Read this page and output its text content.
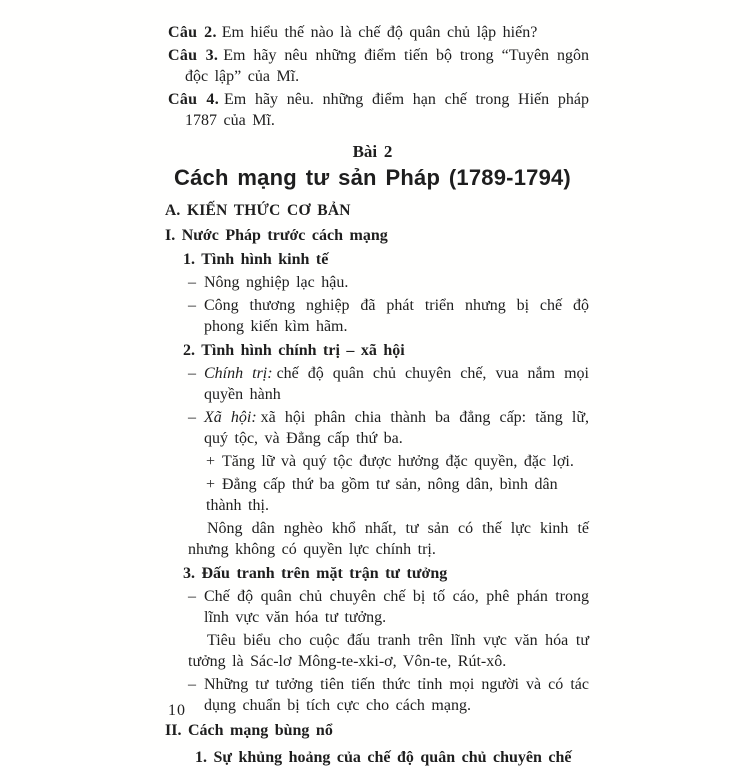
Câu 2. Em hiểu thế nào là chế độ quân chủ lập hiến?

Câu 3. Em hãy nêu những điểm tiến bộ trong “Tuyên ngôn độc lập” của Mĩ.

Câu 4. Em hãy nêu. những điểm hạn chế trong Hiến pháp 1787 của Mĩ.

Bài 2
Cách mạng tư sản Pháp (1789-1794)

A. KIẾN THỨC CƠ BẢN

I. Nước Pháp trước cách mạng

1. Tình hình kinh tế

– Nông nghiệp lạc hậu.

– Công thương nghiệp đã phát triển nhưng bị chế độ phong kiến kìm hãm.

2. Tình hình chính trị – xã hội

– Chính trị: chế độ quân chủ chuyên chế, vua nắm mọi quyền hành

– Xã hội: xã hội phân chia thành ba đẳng cấp: tăng lữ, quý tộc, và Đẳng cấp thứ ba.

+ Tăng lữ và quý tộc được hưởng đặc quyền, đặc lợi.

+ Đẳng cấp thứ ba gồm tư sản, nông dân, bình dân thành thị.

Nông dân nghèo khổ nhất, tư sản có thế lực kinh tế nhưng không có quyền lực chính trị.

3. Đấu tranh trên mặt trận tư tưởng

– Chế độ quân chủ chuyên chế bị tố cáo, phê phán trong lĩnh vực văn hóa tư tưởng.

Tiêu biểu cho cuộc đấu tranh trên lĩnh vực văn hóa tư tưởng là Sác-lơ Mông-te-xki-ơ, Vôn-te, Rút-xô.

– Những tư tưởng tiên tiến thức tỉnh mọi người và có tác dụng chuẩn bị tích cực cho cách mạng.

II. Cách mạng bùng nổ

1. Sự khủng hoảng của chế độ quân chủ chuyên chế

10
